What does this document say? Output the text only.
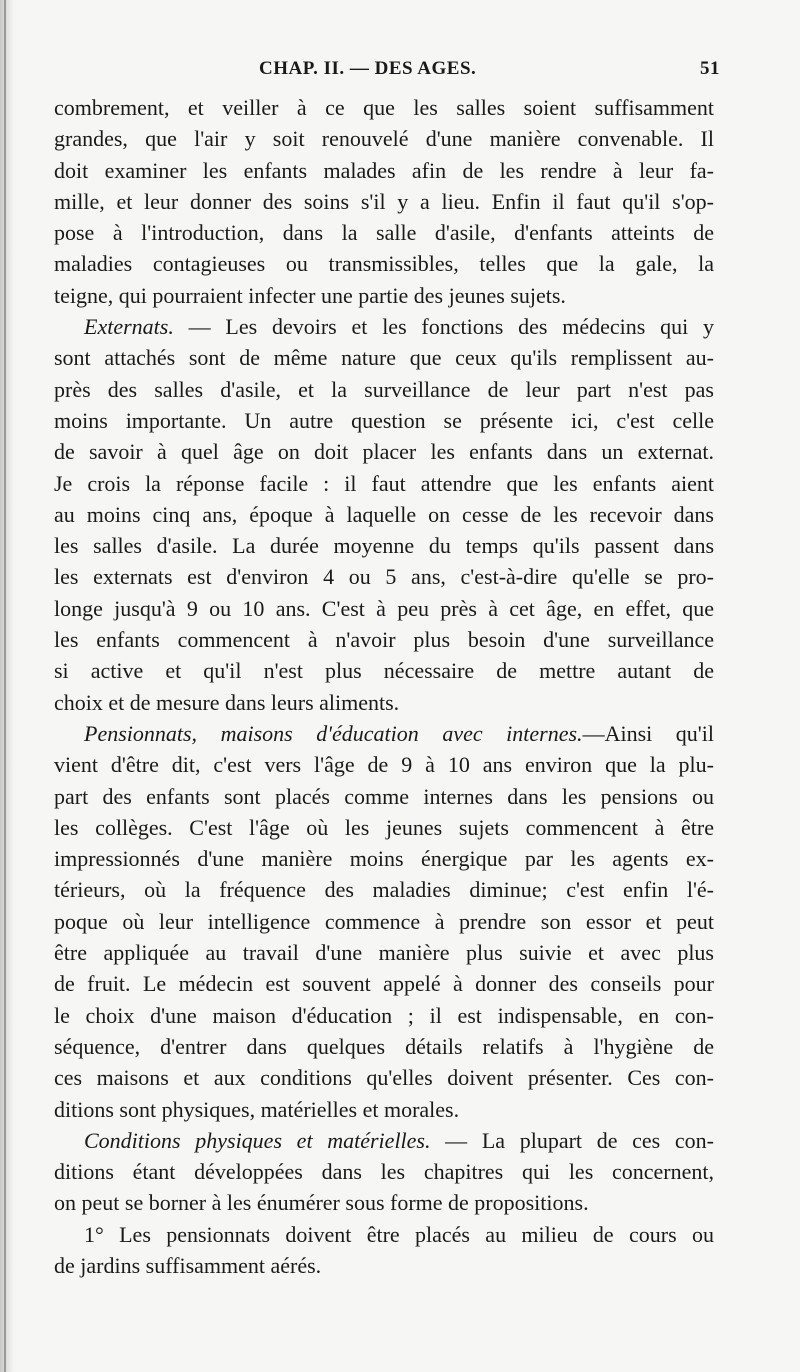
CHAP. II. — DES AGES.	51

combrement, et veiller à ce que les salles soient suffisamment
grandes, que l'air y soit renouvelé d'une manière convenable. Il
doit examiner les enfants malades afin de les rendre à leur fa-
mille, et leur donner des soins s'il y a lieu. Enfin il faut qu'il s'op-
pose à l'introduction, dans la salle d'asile, d'enfants atteints de
maladies contagieuses ou transmissibles, telles que la gale, la
teigne, qui pourraient infecter une partie des jeunes sujets.

Externats. — Les devoirs et les fonctions des médecins qui y
sont attachés sont de même nature que ceux qu'ils remplissent au-
près des salles d'asile, et la surveillance de leur part n'est pas
moins importante. Un autre question se présente ici, c'est celle
de savoir à quel âge on doit placer les enfants dans un externat.
Je crois la réponse facile : il faut attendre que les enfants aient
au moins cinq ans, époque à laquelle on cesse de les recevoir dans
les salles d'asile. La durée moyenne du temps qu'ils passent dans
les externats est d'environ 4 ou 5 ans, c'est-à-dire qu'elle se pro-
longe jusqu'à 9 ou 10 ans. C'est à peu près à cet âge, en effet, que
les enfants commencent à n'avoir plus besoin d'une surveillance
si active et qu'il n'est plus nécessaire de mettre autant de
choix et de mesure dans leurs aliments.

Pensionnats, maisons d'éducation avec internes.—Ainsi qu'il
vient d'être dit, c'est vers l'âge de 9 à 10 ans environ que la plu-
part des enfants sont placés comme internes dans les pensions ou
les collèges. C'est l'âge où les jeunes sujets commencent à être
impressionnés d'une manière moins énergique par les agents ex-
térieurs, où la fréquence des maladies diminue; c'est enfin l'é-
poque où leur intelligence commence à prendre son essor et peut
être appliquée au travail d'une manière plus suivie et avec plus
de fruit. Le médecin est souvent appelé à donner des conseils pour
le choix d'une maison d'éducation ; il est indispensable, en con-
séquence, d'entrer dans quelques détails relatifs à l'hygiène de
ces maisons et aux conditions qu'elles doivent présenter. Ces con-
ditions sont physiques, matérielles et morales.

Conditions physiques et matérielles. — La plupart de ces con-
ditions étant développées dans les chapitres qui les concernent,
on peut se borner à les énumérer sous forme de propositions.

1° Les pensionnats doivent être placés au milieu de cours ou
de jardins suffisamment aérés.
